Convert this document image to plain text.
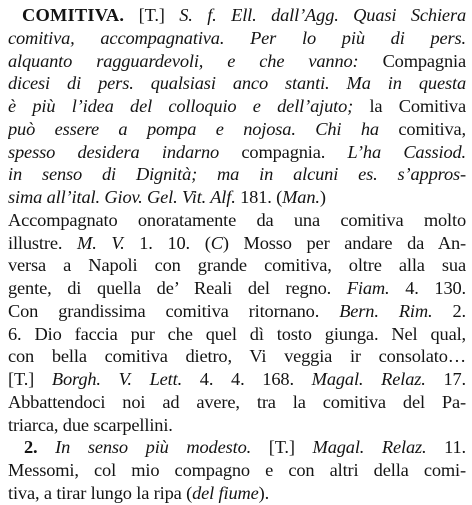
COMITIVA. [T.] S. f. Ell. dall’Agg. Quasi Schiera
comitiva, accompagnativa. Per lo più di pers.
alquanto ragguardevoli, e che vanno: Compagnia
dicesi di pers. qualsiasi anco stanti. Ma in questa
è più l’idea del colloquio e dell’ajuto; la Comitiva
può essere a pompa e nojosa. Chi ha comitiva,
spesso desidera indarno compagnia. L’ha Cassiod.
in senso di Dignità; ma in alcuni es. s’appros-
sima all’ital. Giov. Gel. Vit. Alf. 181. (Man.)
Accompagnato onoratamente da una comitiva molto
illustre. M. V. 1. 10. (C) Mosso per andare da An-
versa a Napoli con grande comitiva, oltre alla sua
gente, di quella de’ Reali del regno. Fiam. 4. 130.
Con grandissima comitiva ritornano. Bern. Rim. 2.
6. Dio faccia pur che quel dì tosto giunga. Nel qual,
con bella comitiva dietro, Vi veggia ir consolato…
[T.] Borgh. V. Lett. 4. 4. 168. Magal. Relaz. 17.
Abbattendoci noi ad avere, tra la comitiva del Pa-
triarca, due scarpellini.
2. In senso più modesto. [T.] Magal. Relaz. 11.
Messomi, col mio compagno e con altri della comi-
tiva, a tirar lungo la ripa (del fiume).
